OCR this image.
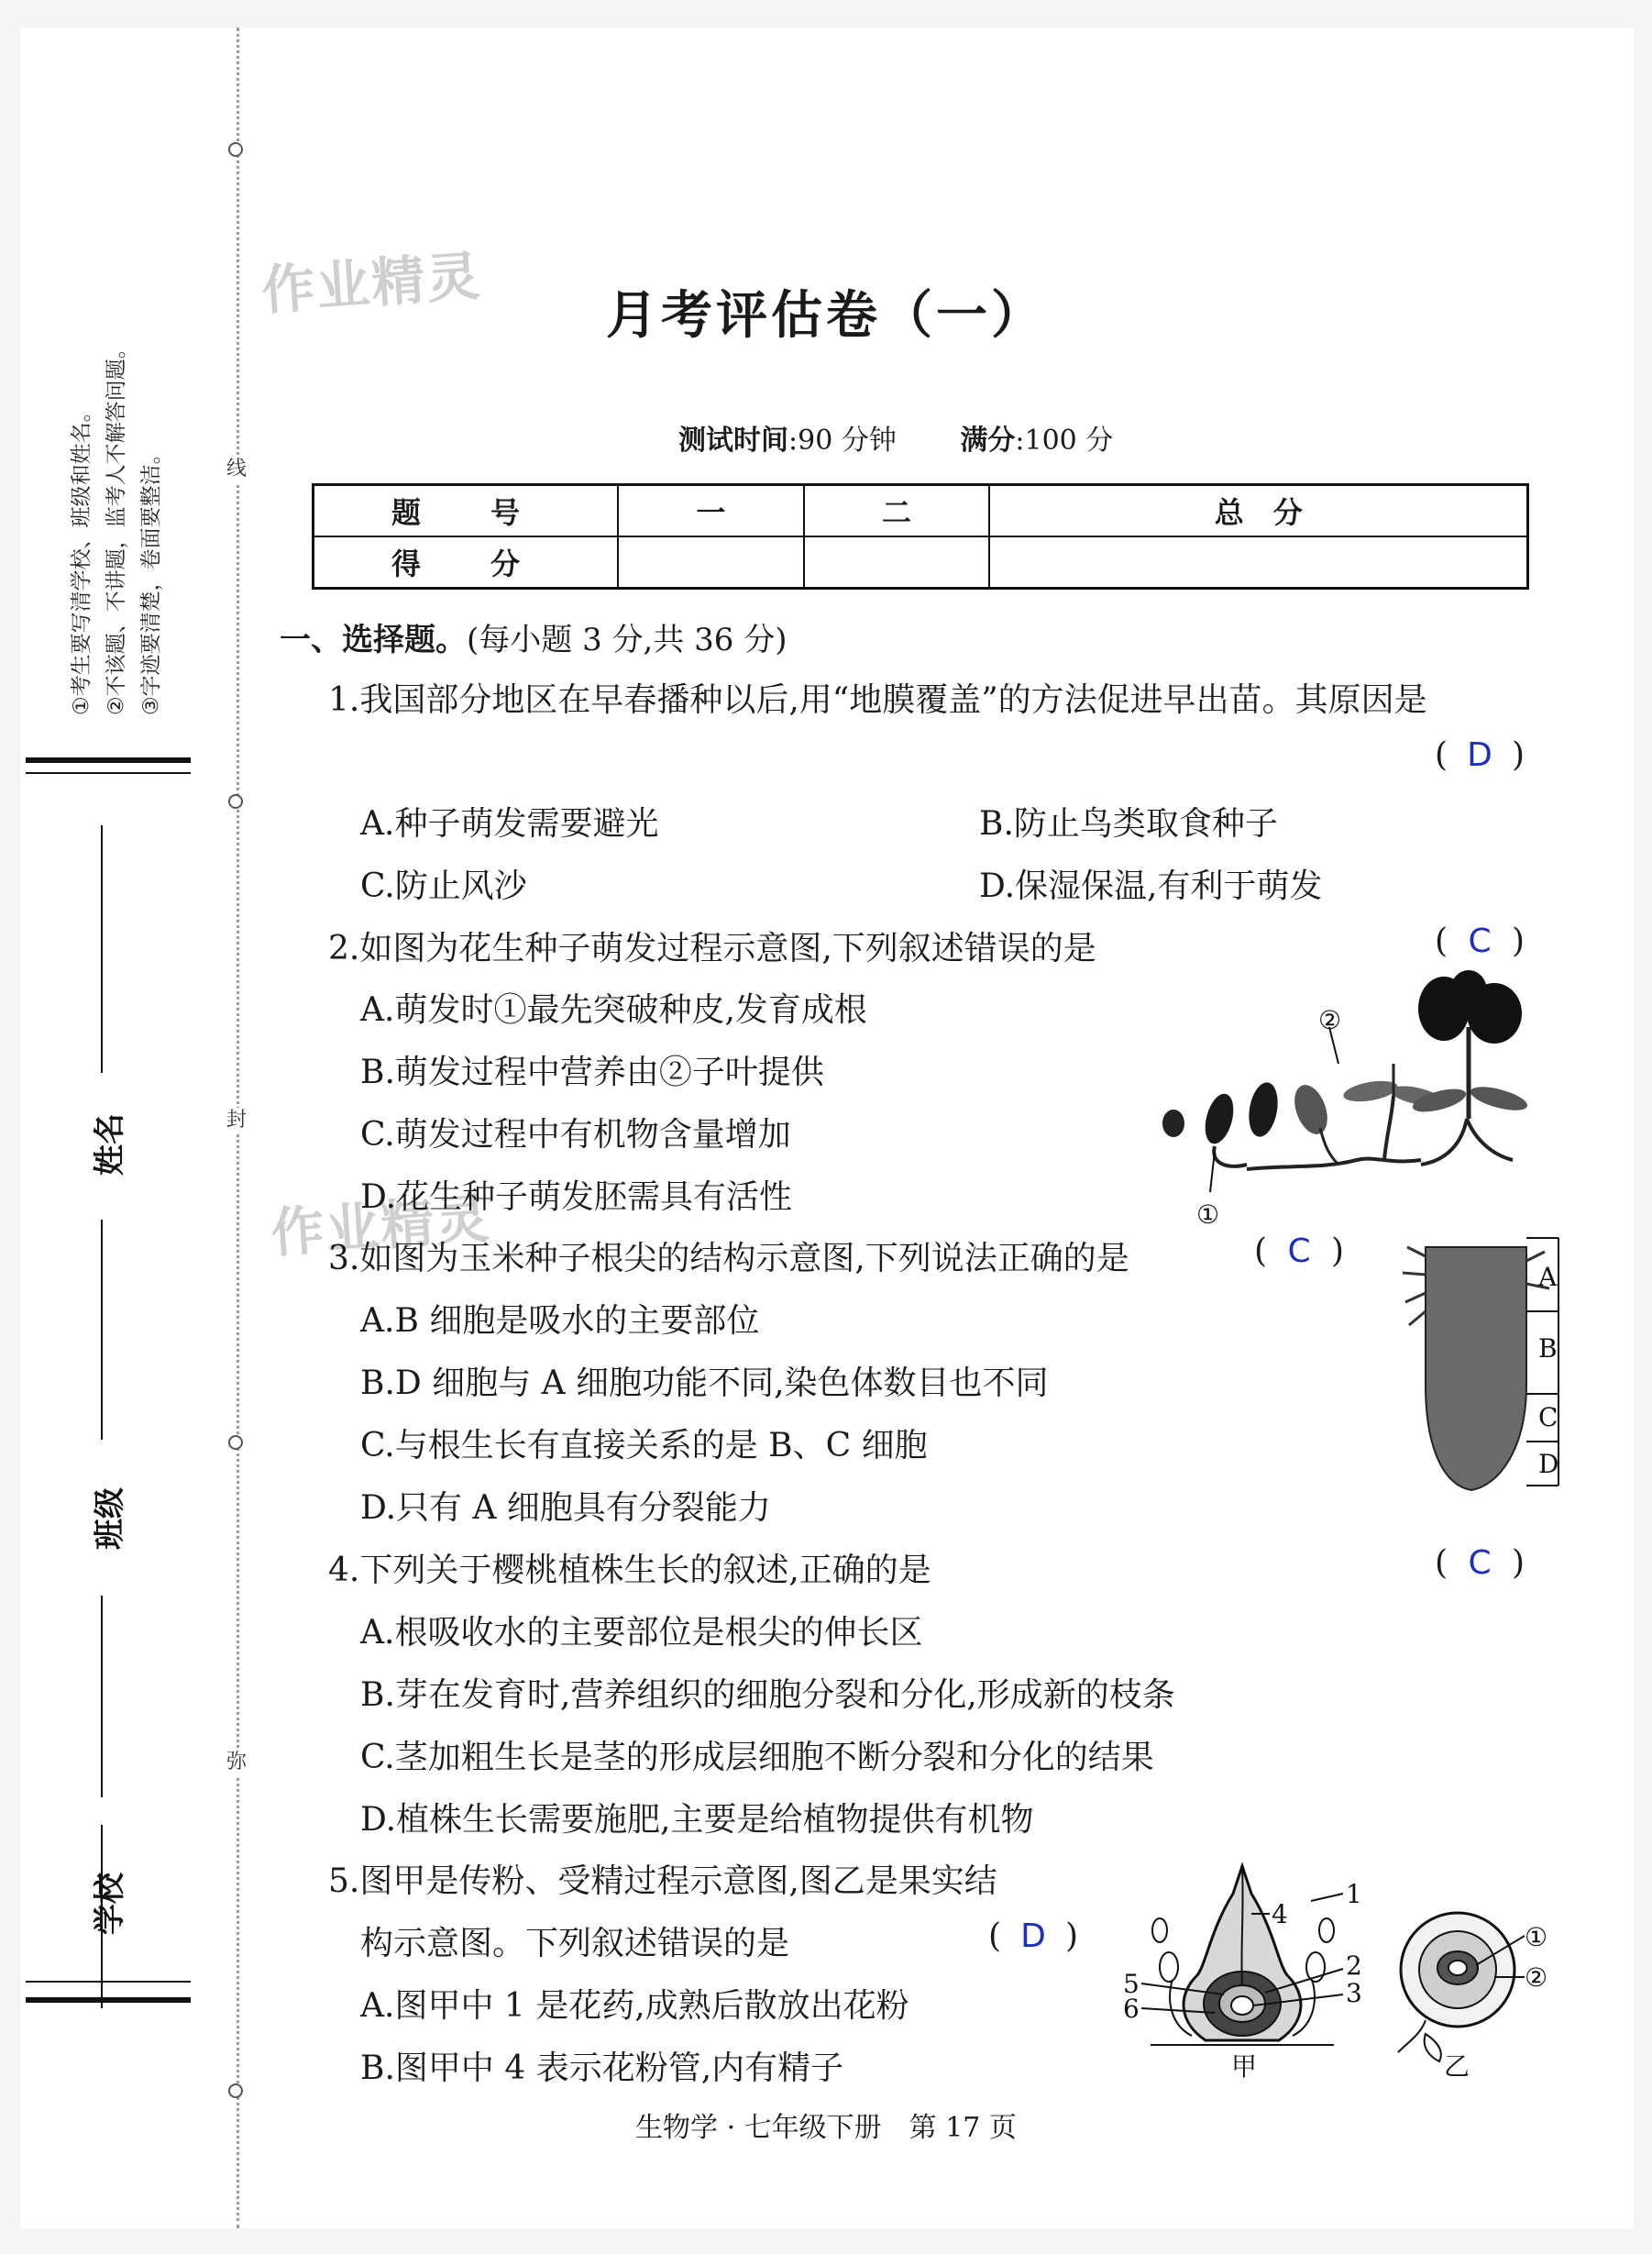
线
封
弥
①考生要写清学校、班级和姓名。 ②不该题、不讲题，监考人不解答问题。 ③字迹要清楚，卷面要整洁。
姓名
班级
学校
作业精灵
作业精灵
月考评估卷（一）
测试时间:90 分钟 满分:100 分
题　号	一	二	总　分
得　分			
一、选择题。(每小题 3 分,共 36 分)
1.我国部分地区在早春播种以后,用“地膜覆盖”的方法促进早出苗。其原因是
( D )
A.种子萌发需要避光	B.防止鸟类取食种子
C.防止风沙	D.保湿保温,有利于萌发
2.如图为花生种子萌发过程示意图,下列叙述错误的是	( C )
A.萌发时①最先突破种皮,发育成根
B.萌发过程中营养由②子叶提供
C.萌发过程中有机物含量增加
D.花生种子萌发胚需具有活性
②
①
3.如图为玉米种子根尖的结构示意图,下列说法正确的是	( C )
A.B 细胞是吸水的主要部位
B.D 细胞与 A 细胞功能不同,染色体数目也不同
C.与根生长有直接关系的是 B、C 细胞
D.只有 A 细胞具有分裂能力
A
B
C
D
4.下列关于樱桃植株生长的叙述,正确的是	( C )
A.根吸收水的主要部位是根尖的伸长区
B.芽在发育时,营养组织的细胞分裂和分化,形成新的枝条
C.茎加粗生长是茎的形成层细胞不断分裂和分化的结果
D.植株生长需要施肥,主要是给植物提供有机物
5.图甲是传粉、受精过程示意图,图乙是果实结
构示意图。下列叙述错误的是	( D )
A.图甲中 1 是花药,成熟后散放出花粉
B.图甲中 4 表示花粉管,内有精子
1
4
2
3
5
6
甲
①
②
乙
生物学 · 七年级下册　第 17 页
